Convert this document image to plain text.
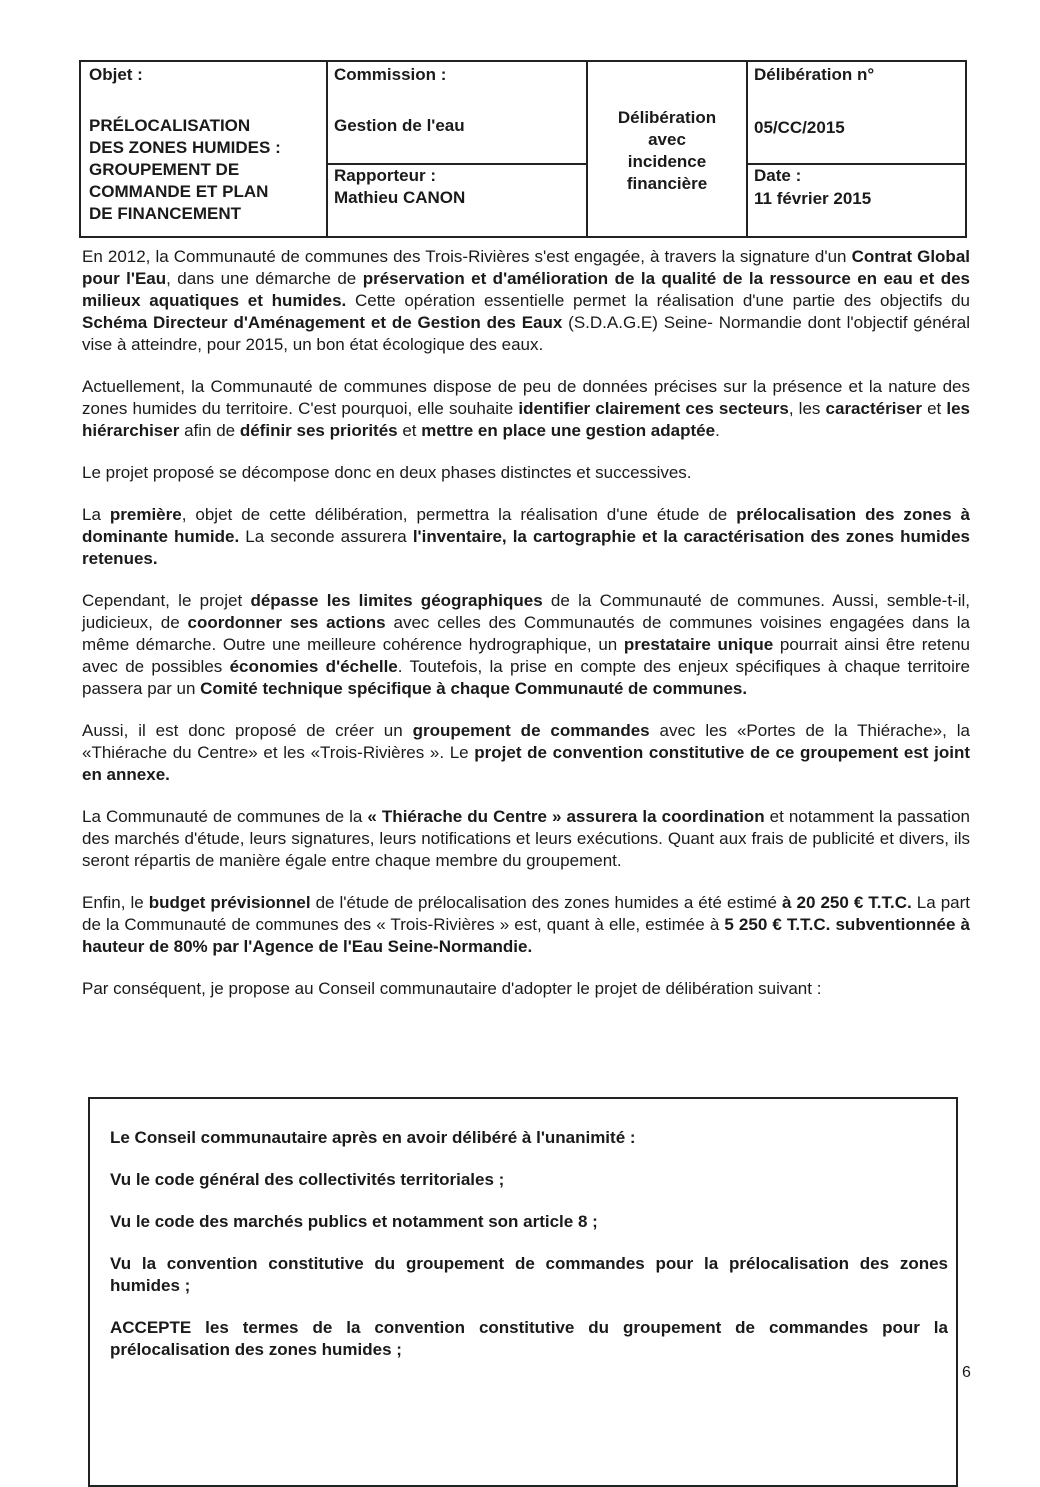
Objet :
PRÉLOCALISATION
DES ZONES HUMIDES :
GROUPEMENT DE
COMMANDE ET PLAN
DE FINANCEMENT
Commission :
Gestion de l'eau
Rapporteur :
Mathieu CANON
Délibération
avec
incidence
financière
Délibération n°
05/CC/2015
Date :
11 février 2015

En 2012, la Communauté de communes des Trois-Rivières s'est engagée, à travers la signature d'un Contrat Global pour l'Eau, dans une démarche de préservation et d'amélioration de la qualité de la ressource en eau et des milieux aquatiques et humides. Cette opération essentielle permet la réalisation d'une partie des objectifs du Schéma Directeur d'Aménagement et de Gestion des Eaux (S.D.A.G.E) Seine- Normandie dont l'objectif général vise à atteindre, pour 2015, un bon état écologique des eaux.

Actuellement, la Communauté de communes dispose de peu de données précises sur la présence et la nature des zones humides du territoire. C'est pourquoi, elle souhaite identifier clairement ces secteurs, les caractériser et les hiérarchiser afin de définir ses priorités et mettre en place une gestion adaptée.

Le projet proposé se décompose donc en deux phases distinctes et successives.

La première, objet de cette délibération, permettra la réalisation d'une étude de prélocalisation des zones à dominante humide. La seconde assurera l'inventaire, la cartographie et la caractérisation des zones humides retenues.

Cependant, le projet dépasse les limites géographiques de la Communauté de communes. Aussi, semble-t-il, judicieux, de coordonner ses actions avec celles des Communautés de communes voisines engagées dans la même démarche. Outre une meilleure cohérence hydrographique, un prestataire unique pourrait ainsi être retenu avec de possibles économies d'échelle. Toutefois, la prise en compte des enjeux spécifiques à chaque territoire passera par un Comité technique spécifique à chaque Communauté de communes.

Aussi, il est donc proposé de créer un groupement de commandes avec les «Portes de la Thiérache», la «Thiérache du Centre» et les «Trois-Rivières ». Le projet de convention constitutive de ce groupement est joint en annexe.

La Communauté de communes de la « Thiérache du Centre » assurera la coordination et notamment la passation des marchés d'étude, leurs signatures, leurs notifications et leurs exécutions. Quant aux frais de publicité et divers, ils seront répartis de manière égale entre chaque membre du groupement.

Enfin, le budget prévisionnel de l'étude de prélocalisation des zones humides a été estimé à 20 250 € T.T.C. La part de la Communauté de communes des « Trois-Rivières » est, quant à elle, estimée à 5 250 € T.T.C. subventionnée à hauteur de 80% par l'Agence de l'Eau Seine-Normandie.

Par conséquent, je propose au Conseil communautaire d'adopter le projet de délibération suivant :

Le Conseil communautaire après en avoir délibéré à l'unanimité :

Vu le code général des collectivités territoriales ;

Vu le code des marchés publics et notamment son article 8 ;

Vu la convention constitutive du groupement de commandes pour la prélocalisation des zones humides ;

ACCEPTE les termes de la convention constitutive du groupement de commandes pour la prélocalisation des zones humides ;

6
